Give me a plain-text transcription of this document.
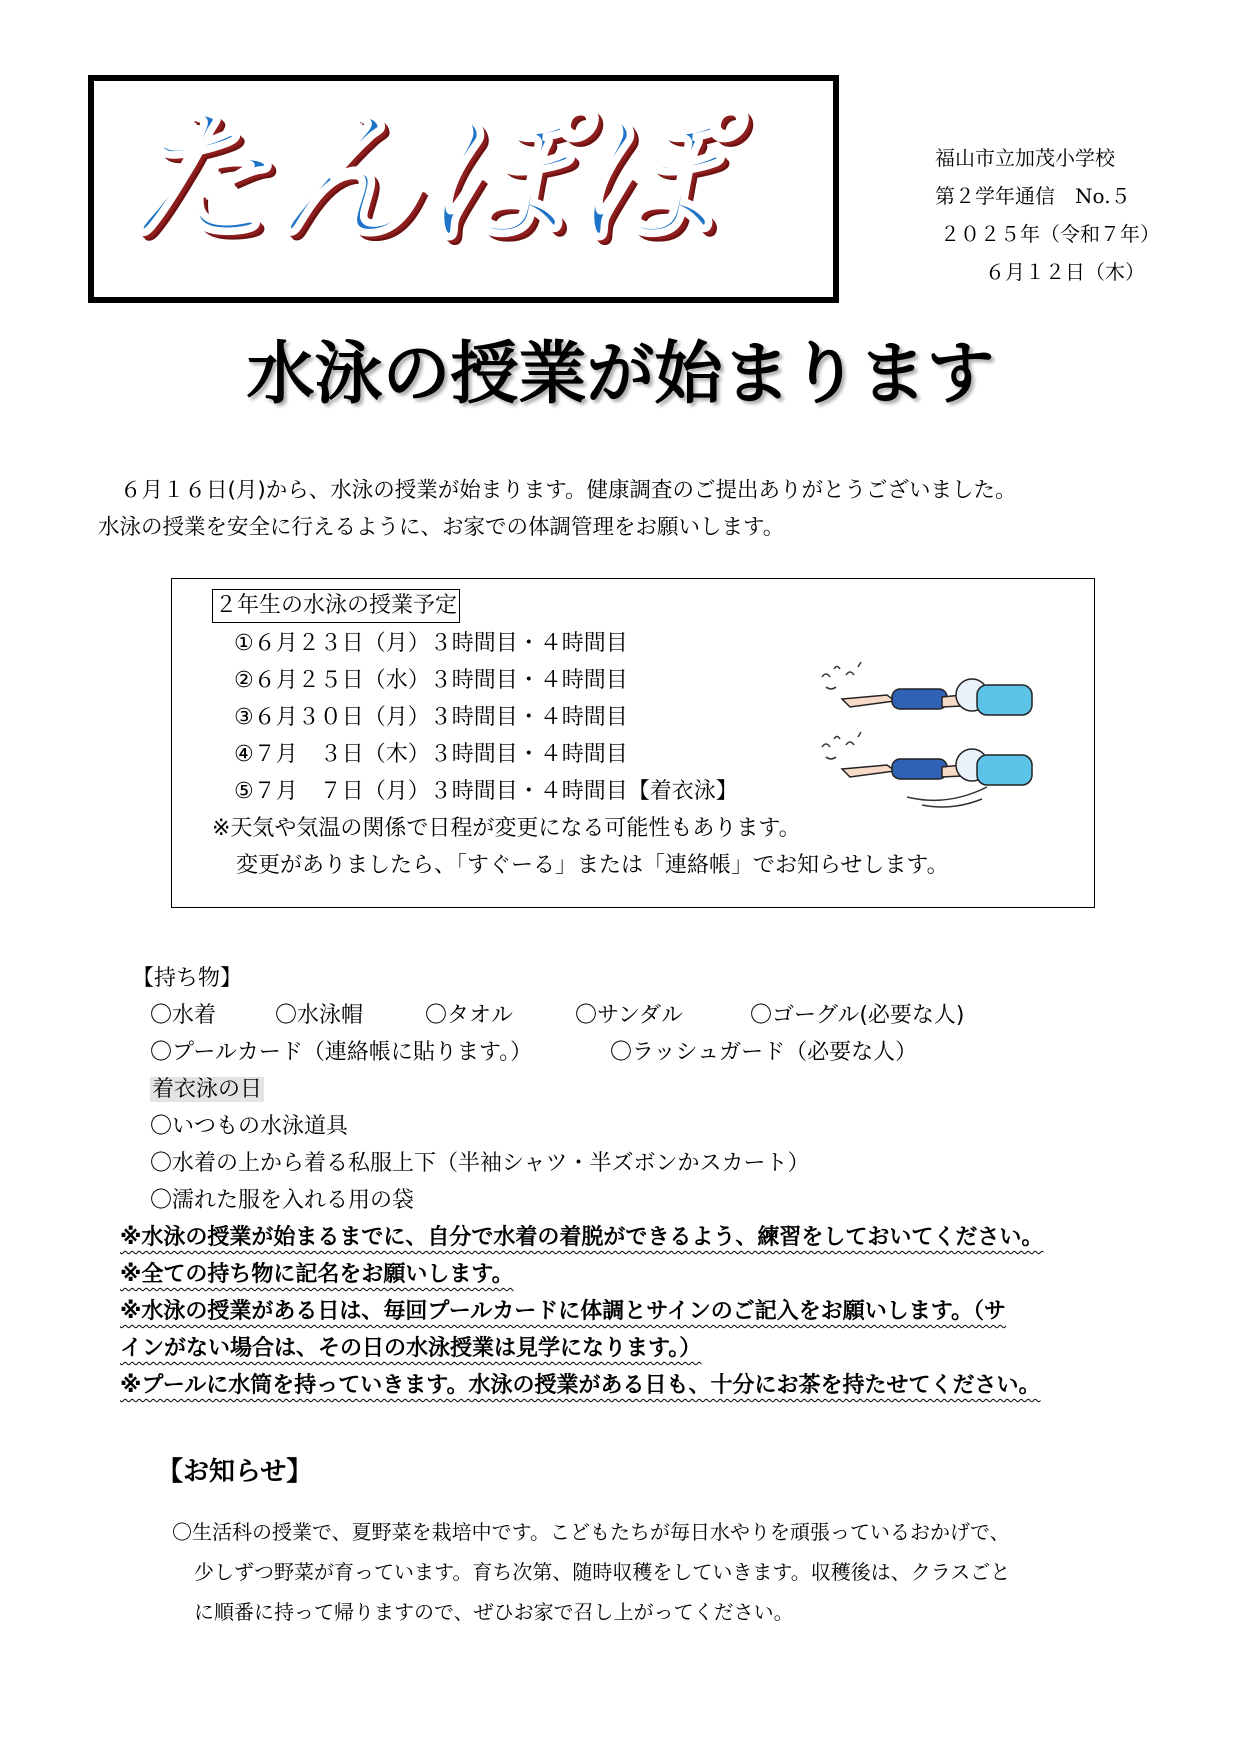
たんぽぽ	福山市立加茂小学校
第２学年通信　No.５
２０２５年（令和７年）
６月１２日（木）
水泳の授業が始まります
６月１６日(月)から、水泳の授業が始まります。健康調査のご提出ありがとうございました。
水泳の授業を安全に行えるように、お家での体調管理をお願いします。
２年生の水泳の授業予定
①６月２３日（月）３時間目・４時間目
②６月２５日（水）３時間目・４時間目
③６月３０日（月）３時間目・４時間目
④７月　３日（木）３時間目・４時間目
⑤７月　７日（月）３時間目・４時間目【着衣泳】
※天気や気温の関係で日程が変更になる可能性もあります。
変更がありましたら、「すぐーる」または「連絡帳」でお知らせします。
【持ち物】
〇水着	〇水泳帽	〇タオル	〇サンダル	〇ゴーグル(必要な人)
〇プールカード（連絡帳に貼ります。）	〇ラッシュガード（必要な人）
着衣泳の日
〇いつもの水泳道具
〇水着の上から着る私服上下（半袖シャツ・半ズボンかスカート）
〇濡れた服を入れる用の袋
※水泳の授業が始まるまでに、自分で水着の着脱ができるよう、練習をしておいてください。
※全ての持ち物に記名をお願いします。
※水泳の授業がある日は、毎回プールカードに体調とサインのご記入をお願いします。（サ
インがない場合は、その日の水泳授業は見学になります。）
※プールに水筒を持っていきます。水泳の授業がある日も、十分にお茶を持たせてください。
【お知らせ】
〇生活科の授業で、夏野菜を栽培中です。こどもたちが毎日水やりを頑張っているおかげで、
少しずつ野菜が育っています。育ち次第、随時収穫をしていきます。収穫後は、クラスごと
に順番に持って帰りますので、ぜひお家で召し上がってください。
